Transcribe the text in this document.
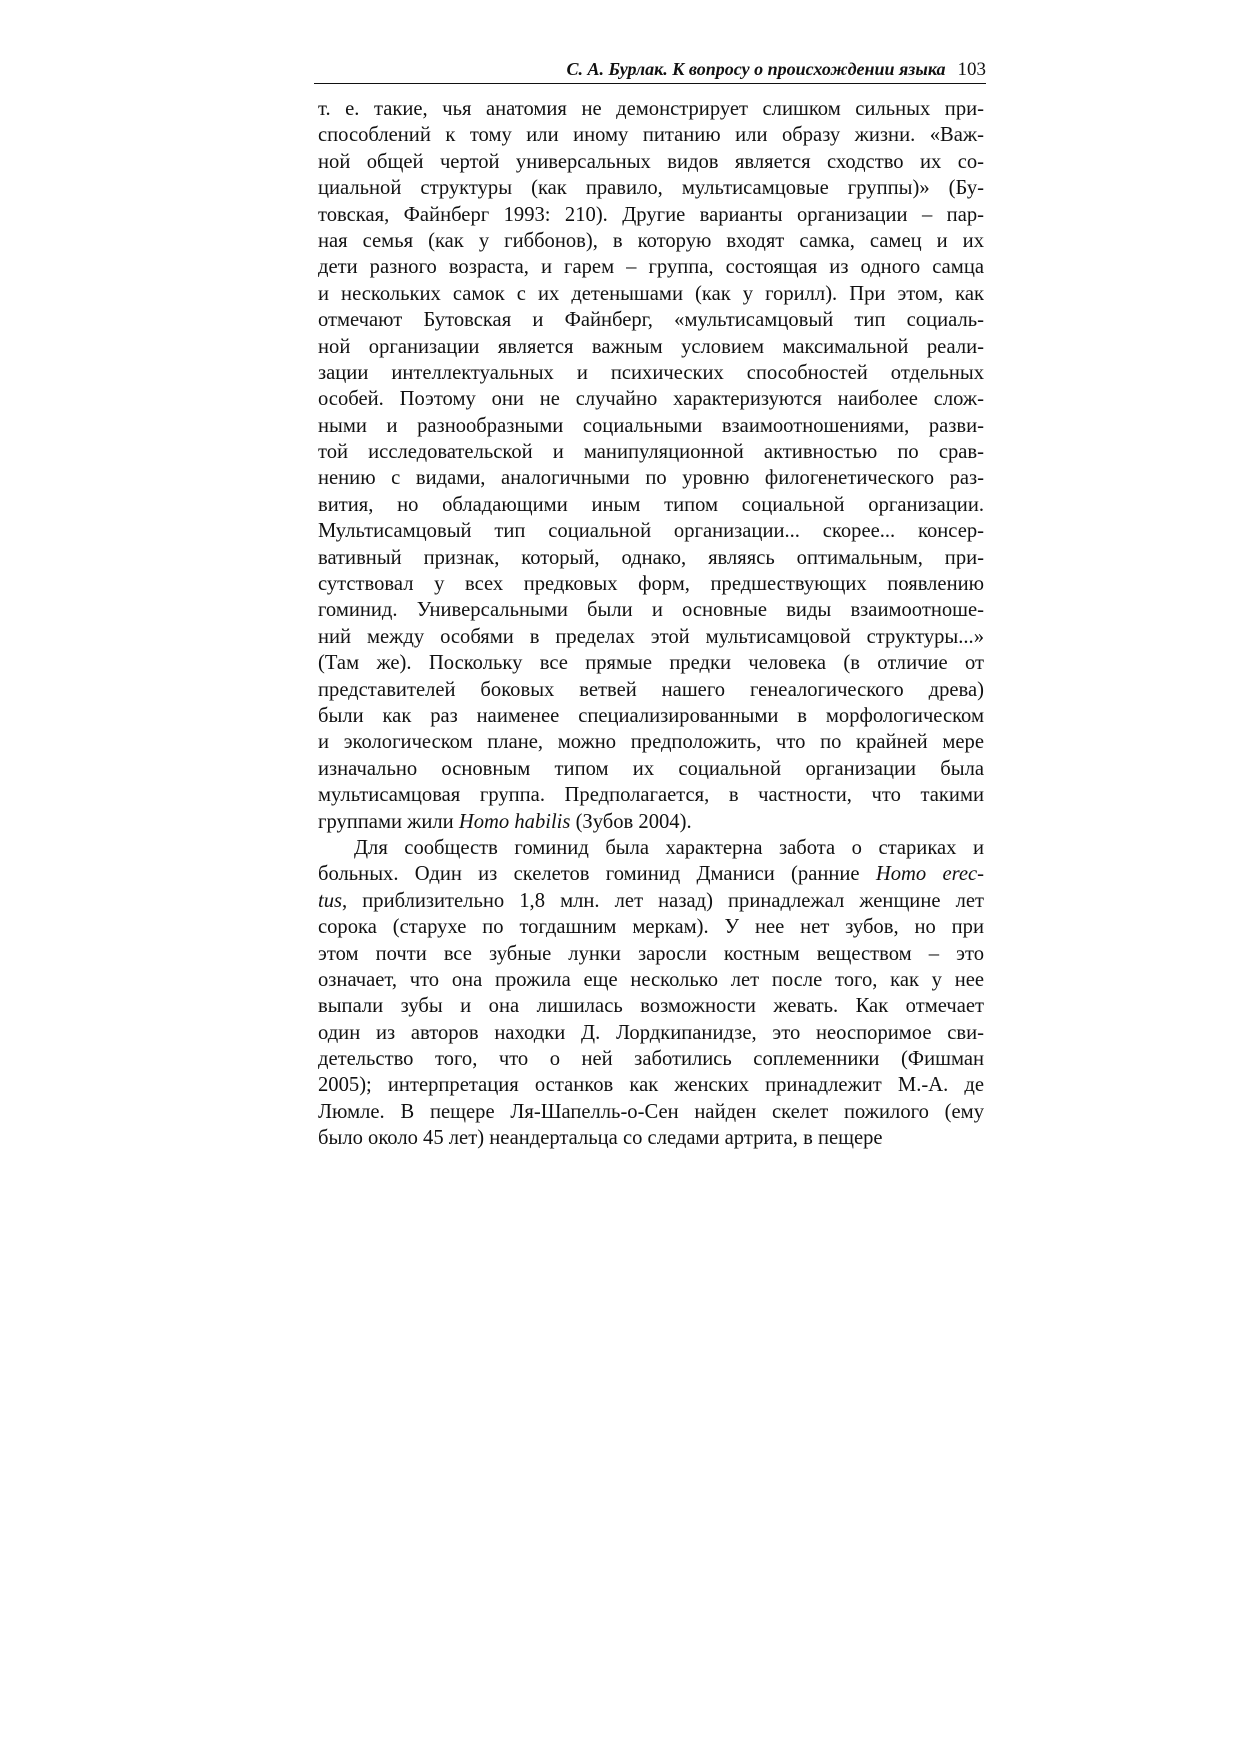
С. А. Бурлак. К вопросу о происхождении языка 103
т. е. такие, чья анатомия не демонстрирует слишком сильных при-
способлений к тому или иному питанию или образу жизни. «Важ-
ной общей чертой универсальных видов является сходство их со-
циальной структуры (как правило, мультисамцовые группы)» (Бу-
товская, Файнберг 1993: 210). Другие варианты организации – пар-
ная семья (как у гиббонов), в которую входят самка, самец и их
дети разного возраста, и гарем – группа, состоящая из одного самца
и нескольких самок с их детенышами (как у горилл). При этом, как
отмечают Бутовская и Файнберг, «мультисамцовый тип социаль-
ной организации является важным условием максимальной реали-
зации интеллектуальных и психических способностей отдельных
особей. Поэтому они не случайно характеризуются наиболее слож-
ными и разнообразными социальными взаимоотношениями, разви-
той исследовательской и манипуляционной активностью по срав-
нению с видами, аналогичными по уровню филогенетического раз-
вития, но обладающими иным типом социальной организации.
Мультисамцовый тип социальной организации... скорее... консер-
вативный признак, который, однако, являясь оптимальным, при-
сутствовал у всех предковых форм, предшествующих появлению
гоминид. Универсальными были и основные виды взаимоотноше-
ний между особями в пределах этой мультисамцовой структуры...»
(Там же). Поскольку все прямые предки человека (в отличие от
представителей боковых ветвей нашего генеалогического древа)
были как раз наименее специализированными в морфологическом
и экологическом плане, можно предположить, что по крайней мере
изначально основным типом их социальной организации была
мультисамцовая группа. Предполагается, в частности, что такими
группами жили Homo habilis (Зубов 2004).
Для сообществ гоминид была характерна забота о стариках и
больных. Один из скелетов гоминид Дманиси (ранние Homo erec-
tus, приблизительно 1,8 млн. лет назад) принадлежал женщине лет
сорока (старухе по тогдашним меркам). У нее нет зубов, но при
этом почти все зубные лунки заросли костным веществом – это
означает, что она прожила еще несколько лет после того, как у нее
выпали зубы и она лишилась возможности жевать. Как отмечает
один из авторов находки Д. Лордкипанидзе, это неоспоримое сви-
детельство того, что о ней заботились соплеменники (Фишман
2005); интерпретация останков как женских принадлежит М.-А. де
Люмле. В пещере Ля-Шапелль-о-Сен найден скелет пожилого (ему
было около 45 лет) неандертальца со следами артрита, в пещере
